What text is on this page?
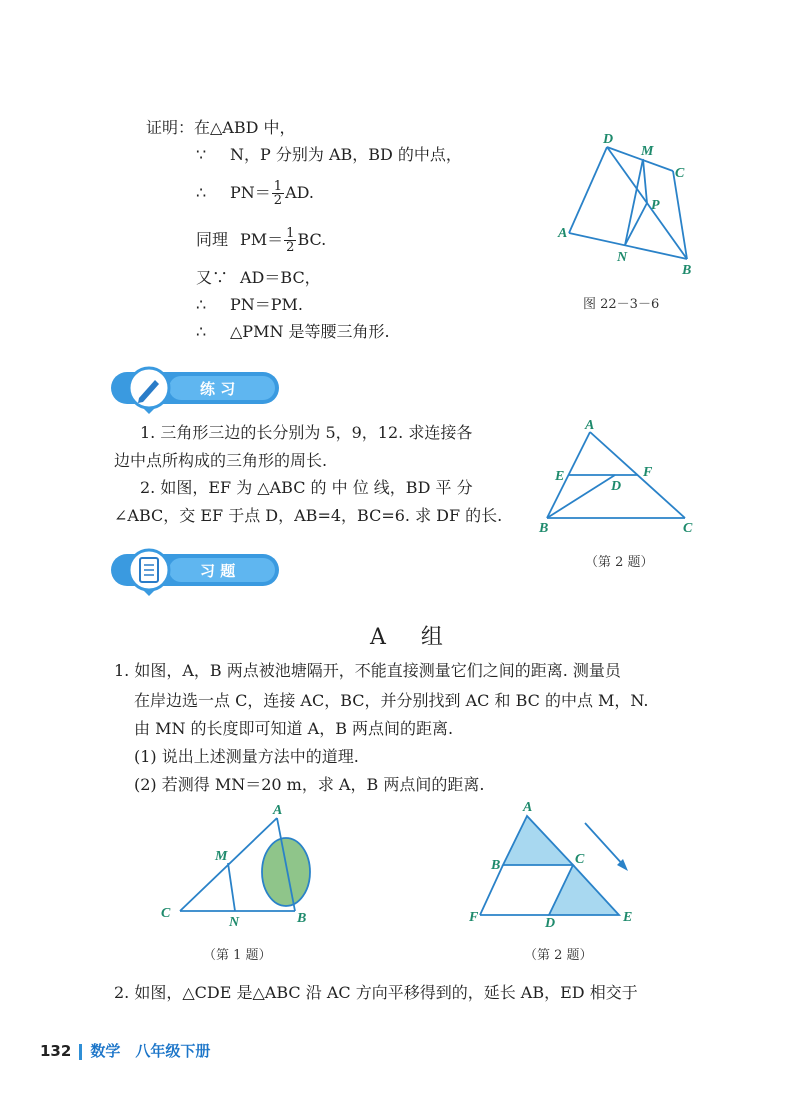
证明：在△ABD 中，
∵ N，P 分别为 AB，BD 的中点，
∴ $PN= \frac{1}{2}$ AD.
同理 $PM= \frac{1}{2}$ BC.
又∵ AD＝BC，
∴ PN＝PM.
∴ △PMN 是等腰三角形.
D
M
C
P
A
N
B
图 22－3－6
练 习
1. 三角形三边的长分别为 5，9，12. 求连接各
边中点所构成的三角形的周长.
2. 如图，EF 为 △ABC 的 中 位 线，BD 平 分
∠ABC，交 EF 于点 D，AB=4，BC=6. 求 DF 的长.
A
E	F
D
B	C
（第 2 题）
习 题
A 组
1. 如图，A，B 两点被池塘隔开，不能直接测量它们之间的距离. 测量员
在岸边选一点 C，连接 AC，BC，并分别找到 AC 和 BC 的中点 M，N.
由 MN 的长度即可知道 A，B 两点间的距离.
(1) 说出上述测量方法中的道理.
(2) 若测得 MN＝20 m，求 A，B 两点间的距离.
A
M
C
N	B
（第 1 题）
A
B	C
F	D	E
（第 2 题）
2. 如图，△CDE 是△ABC 沿 AC 方向平移得到的，延长 AB，ED 相交于
132 数学　八年级下册
